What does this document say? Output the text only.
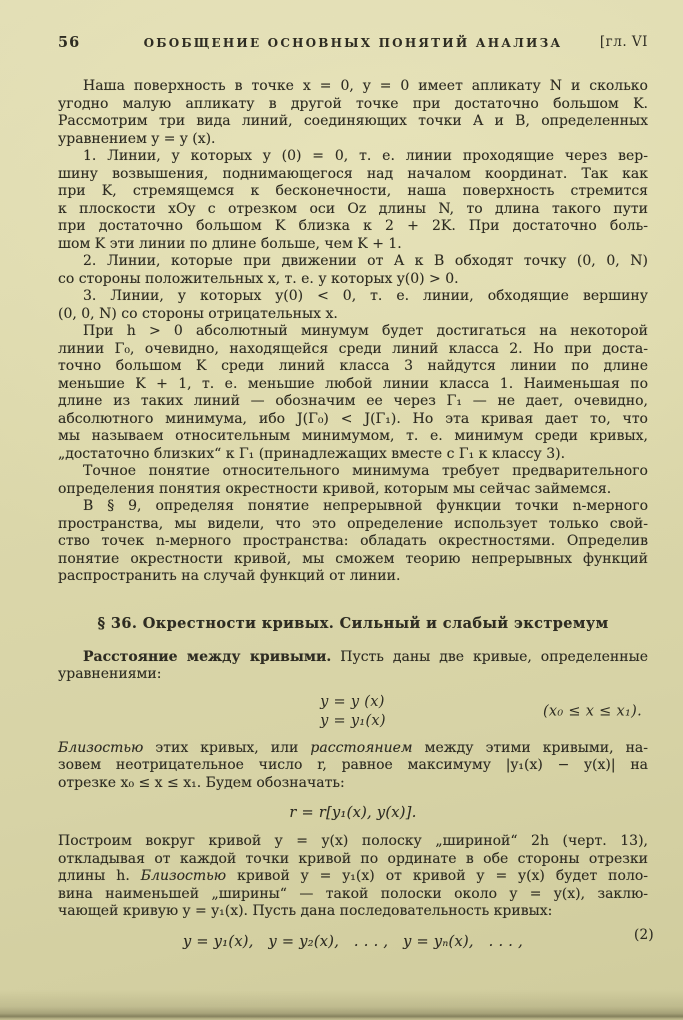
56	ОБОБЩЕНИЕ ОСНОВНЫХ ПОНЯТИЙ АНАЛИЗА	[гл. VI
Наша поверхность в точке x = 0, y = 0 имеет апликату N и сколько
угодно малую апликату в другой точке при достаточно большом K.
Рассмотрим три вида линий, соединяющих точки A и B, определенных
уравнением y = y (x).
1. Линии, у которых y (0) = 0, т. е. линии проходящие через вер-
шину возвышения, поднимающегося над началом координат. Так как
при K, стремящемся к бесконечности, наша поверхность стремится
к плоскости xOy с отрезком оси Oz длины N, то длина такого пути
при достаточно большом K близка к 2 + 2K. При достаточно боль-
шом K эти линии по длине больше, чем K + 1.
2. Линии, которые при движении от A к B обходят точку (0, 0, N)
со стороны положительных x, т. е. у которых y(0) > 0.
3. Линии, у которых y(0) < 0, т. е. линии, обходящие вершину
(0, 0, N) со стороны отрицательных x.
При h > 0 абсолютный минумум будет достигаться на некоторой
линии Γ₀, очевидно, находящейся среди линий класса 2. Но при доста-
точно большом K среди линий класса 3 найдутся линии по длине
меньшие K + 1, т. е. меньшие любой линии класса 1. Наименьшая по
длине из таких линий — обозначим ее через Γ₁ — не дает, очевидно,
абсолютного минимума, ибо J(Γ₀) < J(Γ₁). Но эта кривая дает то, что
мы называем относительным минимумом, т. е. минимум среди кривых,
„достаточно близких“ к Γ₁ (принадлежащих вместе с Γ₁ к классу 3).
Точное понятие относительного минимума требует предварительного
определения понятия окрестности кривой, которым мы сейчас займемся.
В § 9, определяя понятие непрерывной функции точки n-мерного
пространства, мы видели, что это определение использует только свой-
ство точек n-мерного пространства: обладать окрестностями. Определив
понятие окрестности кривой, мы сможем теорию непрерывных функций
распространить на случай функций от линии.
§ 36. Окрестности кривых. Сильный и слабый экстремум
Расстояние между кривыми. Пусть даны две кривые, определенные
уравнениями:
y = y (x)
y = y₁(x)
(x₀ ≤ x ≤ x₁).
Близостью этих кривых, или расстоянием между этими кривыми, на-
зовем неотрицательное число r, равное максимуму |y₁(x) − y(x)| на
отрезке x₀ ≤ x ≤ x₁. Будем обозначать:
r = r[y₁(x), y(x)].
Построим вокруг кривой y = y(x) полоску „шириной“ 2h (черт. 13),
откладывая от каждой точки кривой по ординате в обе стороны отрезки
длины h. Близостью кривой y = y₁(x) от кривой y = y(x) будет поло-
вина наименьшей „ширины“ — такой полоски около y = y(x), заклю-
чающей кривую y = y₁(x). Пусть дана последовательность кривых:
y = y₁(x), y = y₂(x), . . . , y = yₙ(x), . . . ,	(2)
